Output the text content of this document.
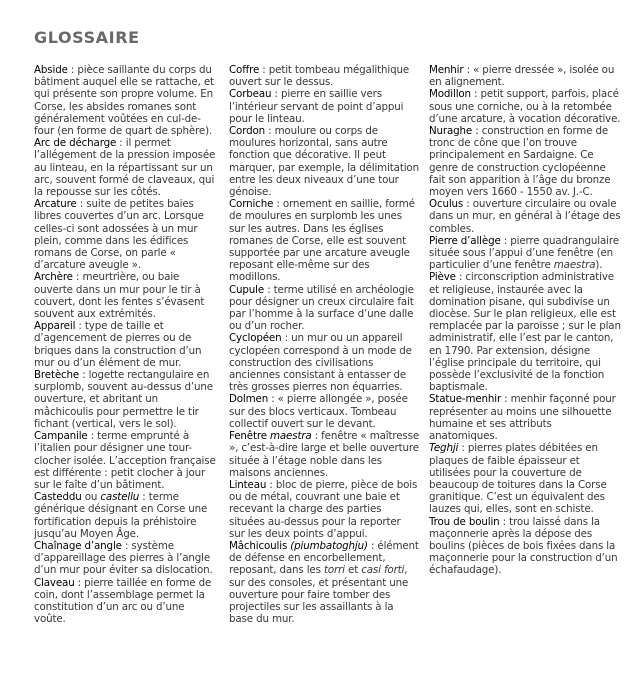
GLOSSAIRE

Abside : pièce saillante du corps du bâtiment auquel elle se rattache, et qui présente son propre volume. En Corse, les absides romanes sont généralement voûtées en cul-de-four (en forme de quart de sphère).

Arc de décharge : il permet l’allégement de la pression imposée au linteau, en la répartissant sur un arc, souvent formé de claveaux, qui la repousse sur les côtés.

Arcature : suite de petites baies libres couvertes d’un arc. Lorsque celles-ci sont adossées à un mur plein, comme dans les édifices romans de Corse, on parle « d’arcature aveugle ».

Archère : meurtrière, ou baie ouverte dans un mur pour le tir à couvert, dont les fentes s’évasent souvent aux extrémités.

Appareil : type de taille et d’agencement de pierres ou de briques dans la construction d’un mur ou d’un élément de mur.

Bretèche : logette rectangulaire en surplomb, souvent au-dessus d’une ouverture, et abritant un mâchicoulis pour permettre le tir fichant (vertical, vers le sol).

Campanile : terme emprunté à l’italien pour désigner une tour-clocher isolée. L’acception française est différente : petit clocher à jour sur le faîte d’un bâtiment.

Casteddu ou castellu : terme générique désignant en Corse une fortification depuis la préhistoire jusqu’au Moyen Âge.

Chaînage d’angle : système d’appareillage des pierres à l’angle d’un mur pour éviter sa dislocation.

Claveau : pierre taillée en forme de coin, dont l’assemblage permet la constitution d’un arc ou d’une voûte.

Coffre : petit tombeau mégalithique ouvert sur le dessus.

Corbeau : pierre en saillie vers l’intérieur servant de point d’appui pour le linteau.

Cordon : moulure ou corps de moulures horizontal, sans autre fonction que décorative. Il peut marquer, par exemple, la délimitation entre les deux niveaux d’une tour génoise.

Corniche : ornement en saillie, formé de moulures en surplomb les unes sur les autres. Dans les églises romanes de Corse, elle est souvent supportée par une arcature aveugle reposant elle-même sur des modillons.

Cupule : terme utilisé en archéologie pour désigner un creux circulaire fait par l’homme à la surface d’une dalle ou d’un rocher.

Cyclopéen : un mur ou un appareil cyclopéen correspond à un mode de construction des civilisations anciennes consistant à entasser de très grosses pierres non équarries.

Dolmen : « pierre allongée », posée sur des blocs verticaux. Tombeau collectif ouvert sur le devant.

Fenêtre maestra : fenêtre « maîtresse », c’est-à-dire large et belle ouverture située à l’étage noble dans les maisons anciennes.

Linteau : bloc de pierre, pièce de bois ou de métal, couvrant une baie et recevant la charge des parties situées au-dessus pour la reporter sur les deux points d’appui.

Mâchicoulis (piumbatoghju) : élément de défense en encorbellement, reposant, dans les torri et casi forti, sur des consoles, et présentant une ouverture pour faire tomber des projectiles sur les assaillants à la base du mur.

Menhir : « pierre dressée », isolée ou en alignement.

Modillon : petit support, parfois, placé sous une corniche, ou à la retombée d’une arcature, à vocation décorative.

Nuraghe : construction en forme de tronc de cône que l’on trouve principalement en Sardaigne. Ce genre de construction cyclopéenne fait son apparition à l’âge du bronze moyen vers 1660 - 1550 av. J.-C.

Oculus : ouverture circulaire ou ovale dans un mur, en général à l’étage des combles.

Pierre d’allège : pierre quadrangulaire située sous l’appui d’une fenêtre (en particulier d’une fenêtre maestra).

Piève : circonscription administrative et religieuse, instaurée avec la domination pisane, qui subdivise un diocèse. Sur le plan religieux, elle est remplacée par la paroisse ; sur le plan administratif, elle l’est par le canton, en 1790. Par extension, désigne l’église principale du territoire, qui possède l’exclusivité de la fonction baptismale.

Statue-menhir : menhir façonné pour représenter au moins une silhouette humaine et ses attributs anatomiques.

Teghji : pierres plates débitées en plaques de faible épaisseur et utilisées pour la couverture de beaucoup de toitures dans la Corse granitique. C’est un équivalent des lauzes qui, elles, sont en schiste.

Trou de boulin : trou laissé dans la maçonnerie après la dépose des boulins (pièces de bois fixées dans la maçonnerie pour la construction d’un échafaudage).
